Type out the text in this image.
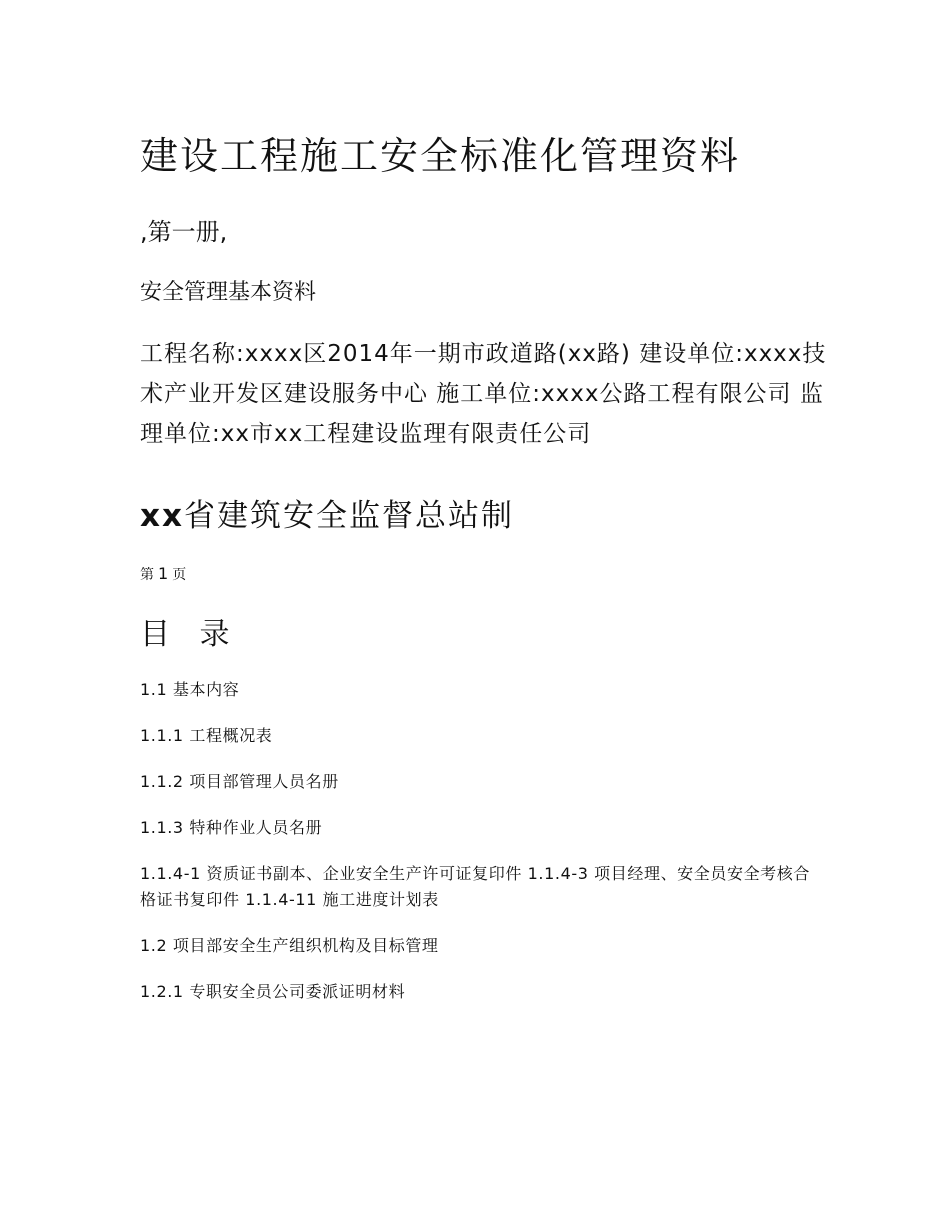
建设工程施工安全标准化管理资料
,第一册,
安全管理基本资料
工程名称:xxxx区2014年一期市政道路(xx路) 建设单位:xxxx技术产业开发区建设服务中心 施工单位:xxxx公路工程有限公司 监理单位:xx市xx工程建设监理有限责任公司
xx省建筑安全监督总站制
第 1 页
目 录
1.1 基本内容
1.1.1 工程概况表
1.1.2 项目部管理人员名册
1.1.3 特种作业人员名册
1.1.4-1 资质证书副本、企业安全生产许可证复印件 1.1.4-3 项目经理、安全员安全考核合格证书复印件 1.1.4-11 施工进度计划表
1.2 项目部安全生产组织机构及目标管理
1.2.1 专职安全员公司委派证明材料
